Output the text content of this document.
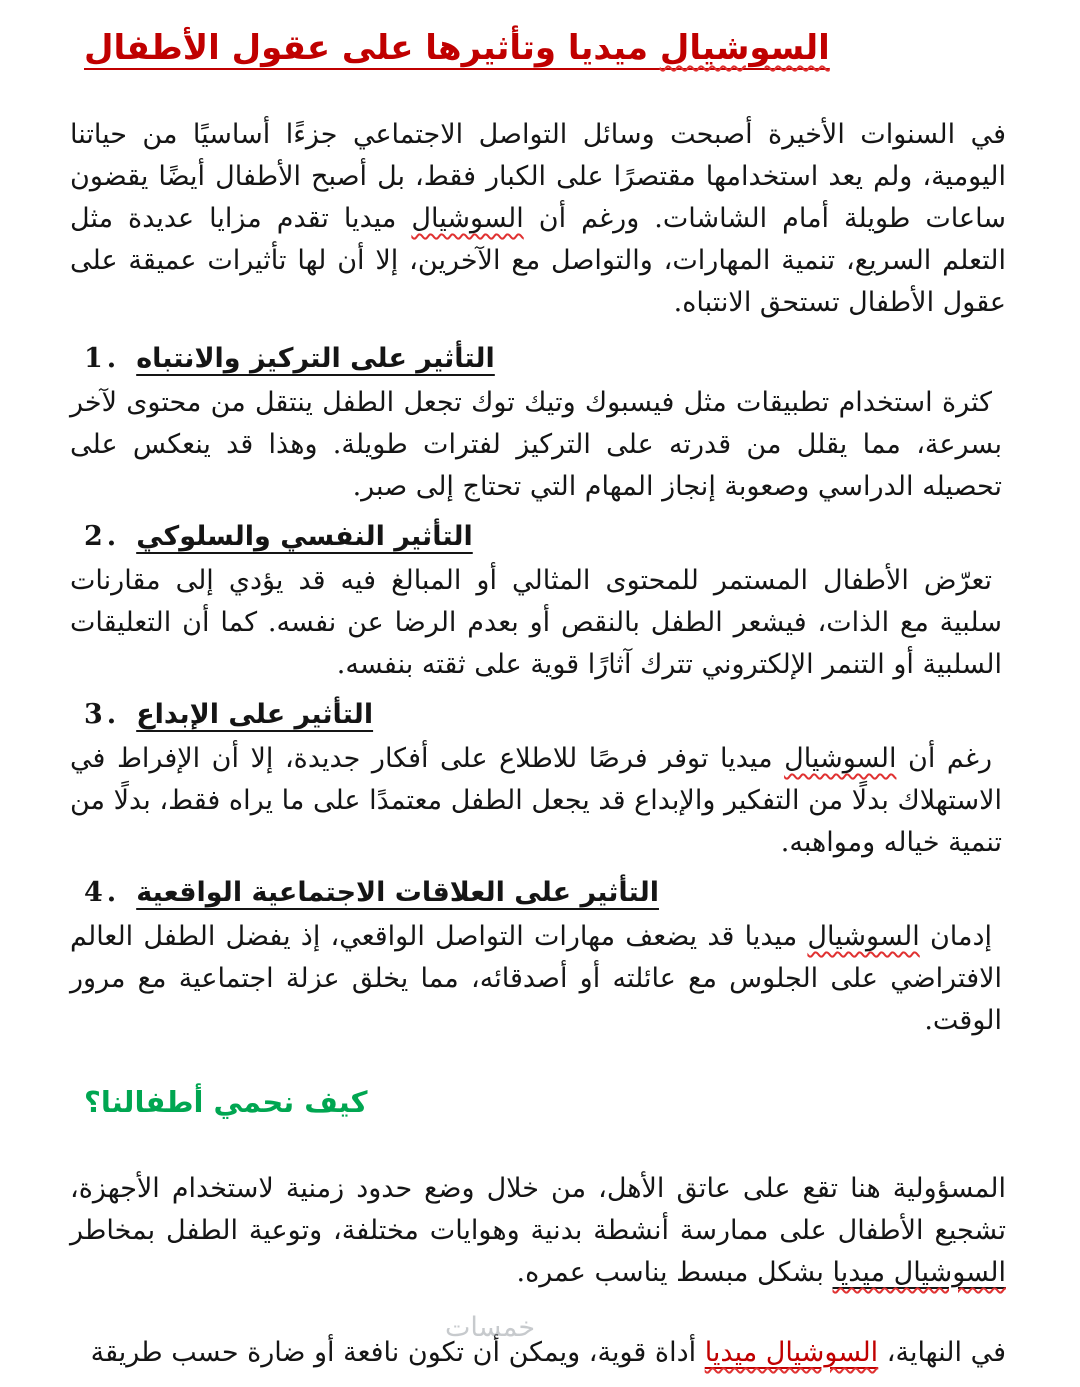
السوشيال ميديا وتأثيرها على عقول الأطفال

في السنوات الأخيرة أصبحت وسائل التواصل الاجتماعي جزءًا أساسيًا من حياتنا اليومية، ولم يعد استخدامها مقتصرًا على الكبار فقط، بل أصبح الأطفال أيضًا يقضون ساعات طويلة أمام الشاشات. ورغم أن السوشيال ميديا تقدم مزايا عديدة مثل التعلم السريع، تنمية المهارات، والتواصل مع الآخرين، إلا أن لها تأثيرات عميقة على عقول الأطفال تستحق الانتباه.

1. التأثير على التركيز والانتباه

كثرة استخدام تطبيقات مثل فيسبوك وتيك توك تجعل الطفل ينتقل من محتوى لآخر بسرعة، مما يقلل من قدرته على التركيز لفترات طويلة. وهذا قد ينعكس على تحصيله الدراسي وصعوبة إنجاز المهام التي تحتاج إلى صبر.

2. التأثير النفسي والسلوكي

تعرّض الأطفال المستمر للمحتوى المثالي أو المبالغ فيه قد يؤدي إلى مقارنات سلبية مع الذات، فيشعر الطفل بالنقص أو بعدم الرضا عن نفسه. كما أن التعليقات السلبية أو التنمر الإلكتروني تترك آثارًا قوية على ثقته بنفسه.

3. التأثير على الإبداع

رغم أن السوشيال ميديا توفر فرصًا للاطلاع على أفكار جديدة، إلا أن الإفراط في الاستهلاك بدلًا من التفكير والإبداع قد يجعل الطفل معتمدًا على ما يراه فقط، بدلًا من تنمية خياله ومواهبه.

4. التأثير على العلاقات الاجتماعية الواقعية

إدمان السوشيال ميديا قد يضعف مهارات التواصل الواقعي، إذ يفضل الطفل العالم الافتراضي على الجلوس مع عائلته أو أصدقائه، مما يخلق عزلة اجتماعية مع مرور الوقت.

كيف نحمي أطفالنا؟

المسؤولية هنا تقع على عاتق الأهل، من خلال وضع حدود زمنية لاستخدام الأجهزة، تشجيع الأطفال على ممارسة أنشطة بدنية وهوايات مختلفة، وتوعية الطفل بمخاطر السوشيال ميديا بشكل مبسط يناسب عمره.

في النهاية، السوشيال ميديا أداة قوية، ويمكن أن تكون نافعة أو ضارة حسب طريقة

خمسات
